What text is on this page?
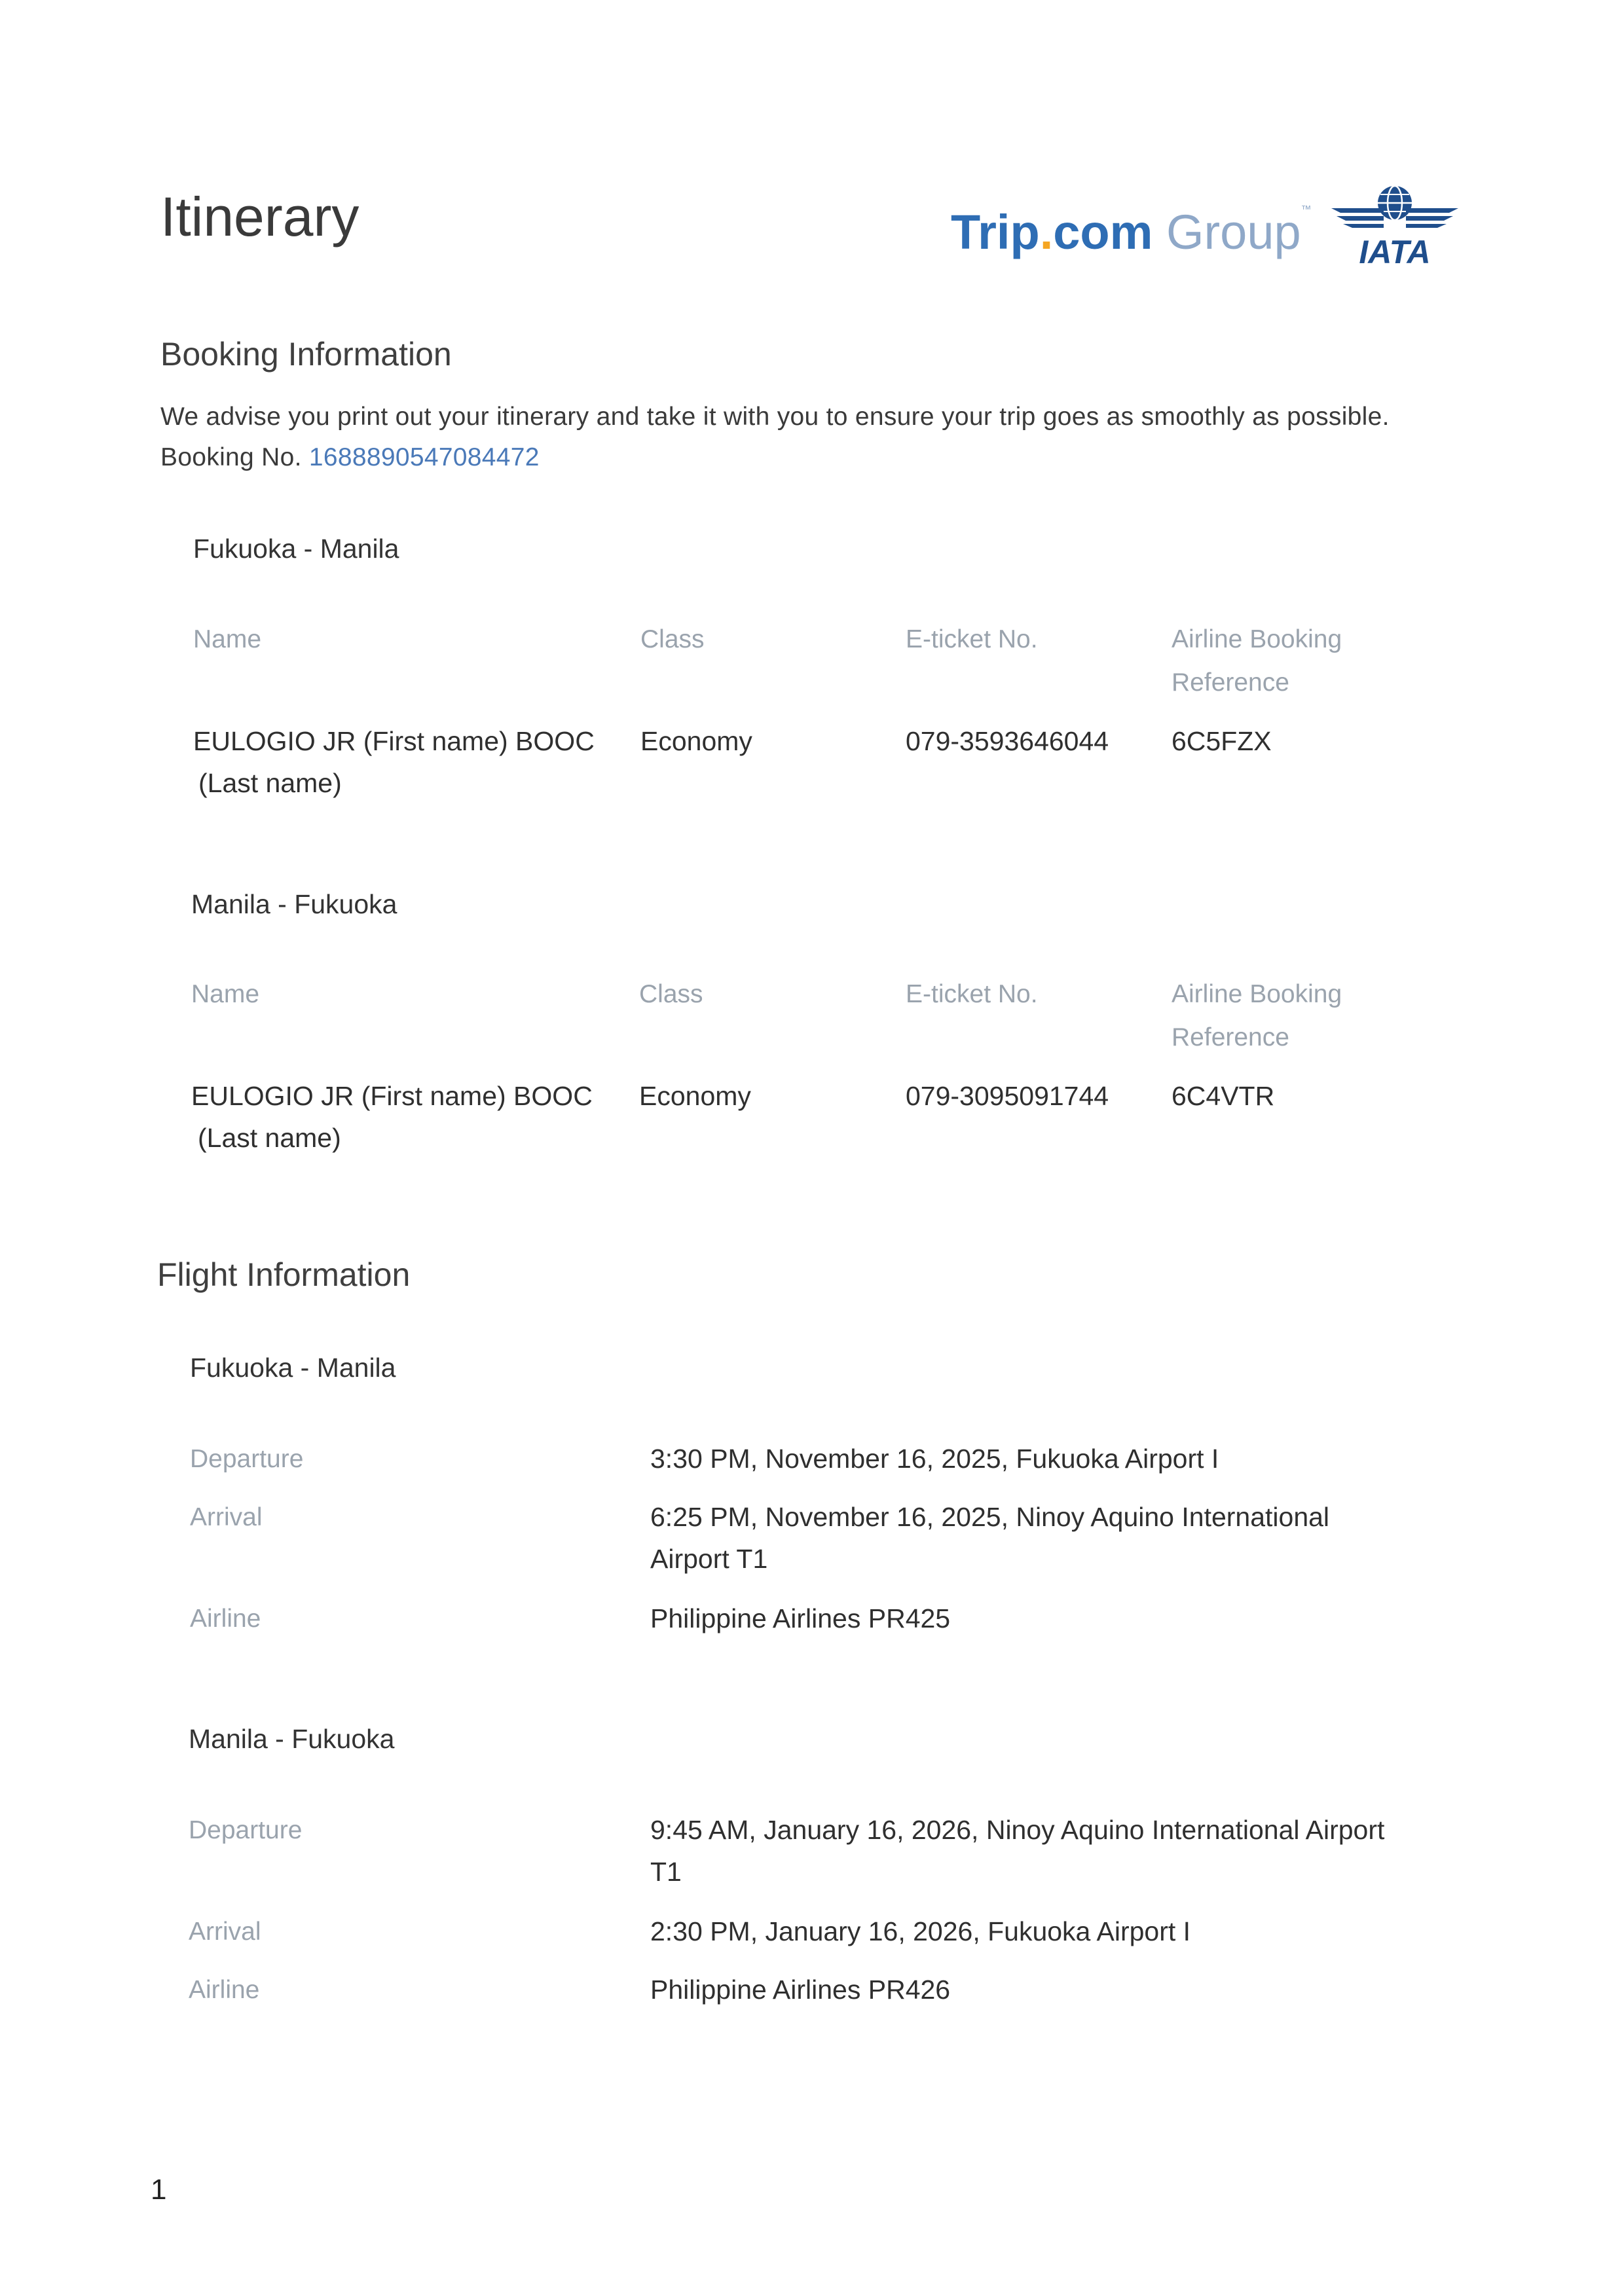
Itinerary	Trip.com Group™
IATA
Booking Information
We advise you print out your itinerary and take it with you to ensure your trip goes as smoothly as possible.
Booking No. 1688890547084472
Fukuoka - Manila
Name	Class	E-ticket No.	Airline Booking
Reference
EULOGIO JR (First name) BOOC
(Last name)
Economy	079-3593646044 6C5FZX
Manila - Fukuoka
Name	Class	E-ticket No.	Airline Booking
Reference
EULOGIO JR (First name) BOOC
(Last name)
Economy	079-3095091744 6C4VTR
Flight Information
Fukuoka - Manila
Departure	3:30 PM, November 16, 2025, Fukuoka Airport I
Arrival	6:25 PM, November 16, 2025, Ninoy Aquino International
Airport T1
Airline	Philippine Airlines PR425
Manila - Fukuoka
Departure	9:45 AM, January 16, 2026, Ninoy Aquino International Airport
T1
Arrival	2:30 PM, January 16, 2026, Fukuoka Airport I
Airline	Philippine Airlines PR426
1
